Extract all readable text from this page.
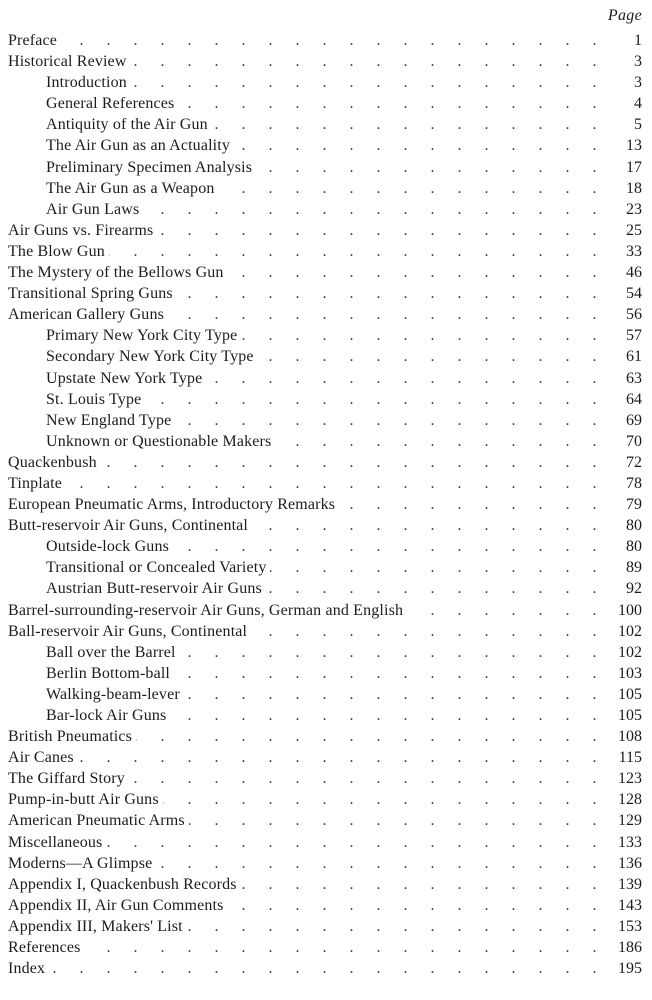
Page
Preface . . .	1
Historical Review . . .	3
Introduction . . .	3
General References . . .	4
Antiquity of the Air Gun . . .	5
The Air Gun as an Actuality . . .	13
Preliminary Specimen Analysis . . .	17
The Air Gun as a Weapon . . .	18
Air Gun Laws . . .	23
Air Guns vs. Firearms . . .	25
The Blow Gun . . .	33
The Mystery of the Bellows Gun . . .	46
Transitional Spring Guns . . .	54
American Gallery Guns . . .	56
Primary New York City Type . . .	57
Secondary New York City Type . . .	61
Upstate New York Type . . .	63
St. Louis Type . . .	64
New England Type . . .	69
Unknown or Questionable Makers . . .	70
Quackenbush . . .	72
Tinplate . . .	78
European Pneumatic Arms, Introductory Remarks . . .	79
Butt-reservoir Air Guns, Continental . . .	80
Outside-lock Guns . . .	80
Transitional or Concealed Variety . . .	89
Austrian Butt-reservoir Air Guns . . .	92
Barrel-surrounding-reservoir Air Guns, German and English . . .	100
Ball-reservoir Air Guns, Continental . . .	102
Ball over the Barrel . . .	102
Berlin Bottom-ball . . .	103
Walking-beam-lever . . .	105
Bar-lock Air Guns . . .	105
British Pneumatics . . .	108
Air Canes . . .	115
The Giffard Story . . .	123
Pump-in-butt Air Guns . . .	128
American Pneumatic Arms . . .	129
Miscellaneous . . .	133
Moderns—A Glimpse . . .	136
Appendix I, Quackenbush Records . . .	139
Appendix II, Air Gun Comments . . .	143
Appendix III, Makers' List . . .	153
References . . .	186
Index . . .	195
